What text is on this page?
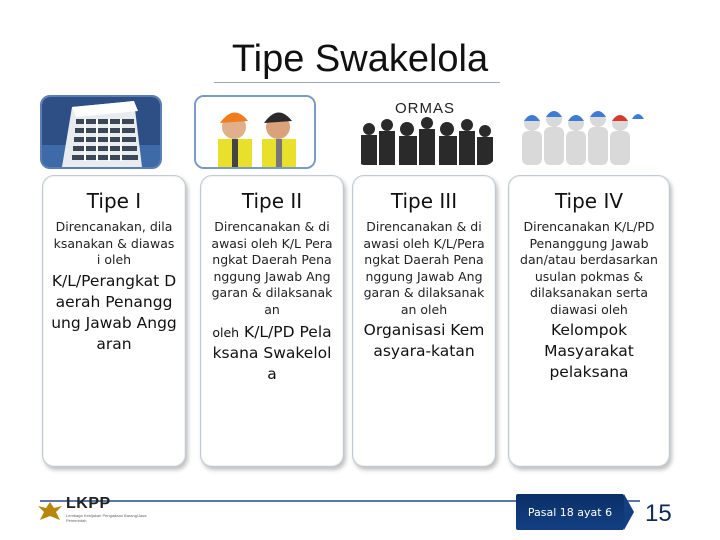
Tipe Swakelola
ORMAS
Tipe I
Direncanakan, dilaksanakan & diawasi oleh
K/L/Perangkat Daerah Penanggung Jawab Anggaran
Tipe II
Direncanakan & diawasi oleh K/L Perangkat Daerah Penanggung Jawab Anggaran & dilaksanakan
oleh K/L/PD Pelaksana Swakelola
Tipe III
Direncanakan & diawasi oleh K/L/Perangkat Daerah Penanggung Jawab Anggaran & dilaksanakan oleh
Organisasi Kemasyara-katan
Tipe IV
Direncanakan K/L/PD Penanggung Jawab dan/atau berdasarkan usulan pokmas & dilaksanakan serta diawasi oleh
Kelompok Masyarakat pelaksana
LKPP
Lembaga Kebijakan Pengadaan Barang/Jasa Pemerintah
Pasal 18 ayat 6	15
